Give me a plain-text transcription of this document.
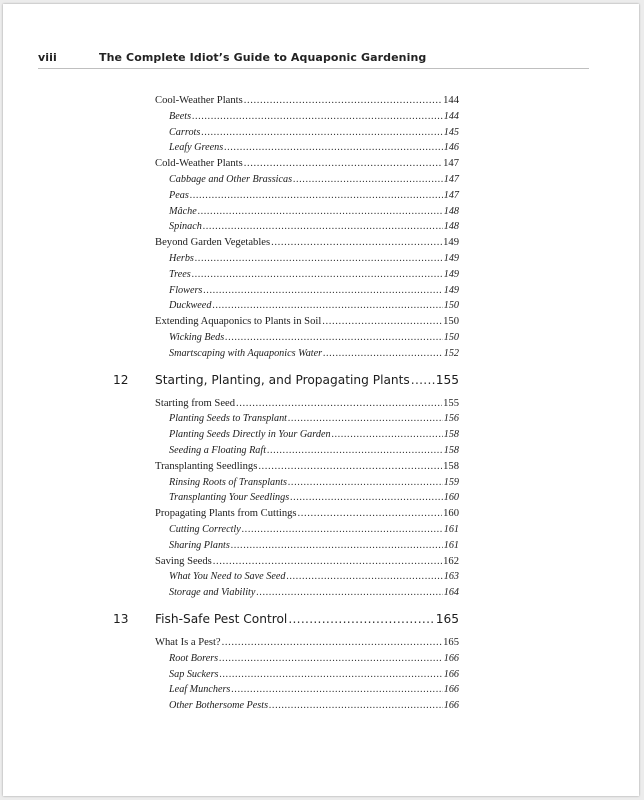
viii	The Complete Idiot’s Guide to Aquaponic Gardening
Cool-Weather Plants .....	144
Beets .....	144
Carrots .....	145
Leafy Greens .....	146
Cold-Weather Plants .....	147
Cabbage and Other Brassicas .....	147
Peas .....	147
Mâche .....	148
Spinach .....	148
Beyond Garden Vegetables .....	149
Herbs .....	149
Trees .....	149
Flowers .....	149
Duckweed .....	150
Extending Aquaponics to Plants in Soil .....	150
Wicking Beds .....	150
Smartscaping with Aquaponics Water .....	152
12	Starting, Planting, and Propagating Plants ..... 155
Starting from Seed .....	155
Planting Seeds to Transplant .....	156
Planting Seeds Directly in Your Garden .....	158
Seeding a Floating Raft .....	158
Transplanting Seedlings .....	158
Rinsing Roots of Transplants .....	159
Transplanting Your Seedlings .....	160
Propagating Plants from Cuttings .....	160
Cutting Correctly .....	161
Sharing Plants .....	161
Saving Seeds .....	162
What You Need to Save Seed .....	163
Storage and Viability .....	164
13	Fish-Safe Pest Control .....	165
What Is a Pest? .....	165
Root Borers .....	166
Sap Suckers .....	166
Leaf Munchers .....	166
Other Bothersome Pests .....	166
